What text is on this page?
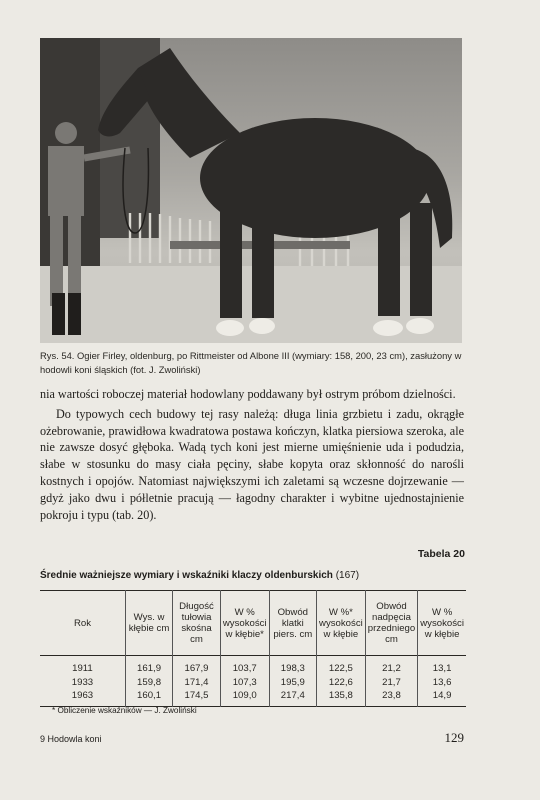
Rys. 54. Ogier Firley, oldenburg, po Rittmeister od Albone III (wymiary: 158, 200, 23 cm), zasłużony w hodowli koni śląskich (fot. J. Zwoliński)

nia wartości roboczej materiał hodowlany poddawany był ostrym próbom dzielności.

Do typowych cech budowy tej rasy należą: długa linia grzbietu i zadu, okrągłe ożebrowanie, prawidłowa kwadratowa postawa kończyn, klatka piersiowa szeroka, ale nie zawsze dosyć głęboka. Wadą tych koni jest mierne umięśnienie uda i podudzia, słabe w stosunku do masy ciała pęciny, słabe kopyta oraz skłonność do narośli kostnych i opojów. Natomiast największymi ich zaletami są wczesne dojrzewanie — gdyż jako dwu i półletnie pracują — łagodny charakter i wybitne ujednostajnienie pokroju i typu (tab. 20).

Tabela 20
Średnie ważniejsze wymiary i wskaźniki klaczy oldenburskich (167)
Rok	Wys. w kłębie cm	Długość tułowia skośna cm	W % wysokości w kłębie*	Obwód klatki piers. cm	W %* wysokości w kłębie	Obwód nadpęcia przedniego cm	W % wysokości w kłębie
1911	161,9	167,9	103,7	198,3	122,5	21,2	13,1
1933	159,8	171,4	107,3	195,9	122,6	21,7	13,6
1963	160,1	174,5	109,0	217,4	135,8	23,8	14,9
* Obliczenie wskaźników — J. Zwoliński
9 Hodowla koni	129
